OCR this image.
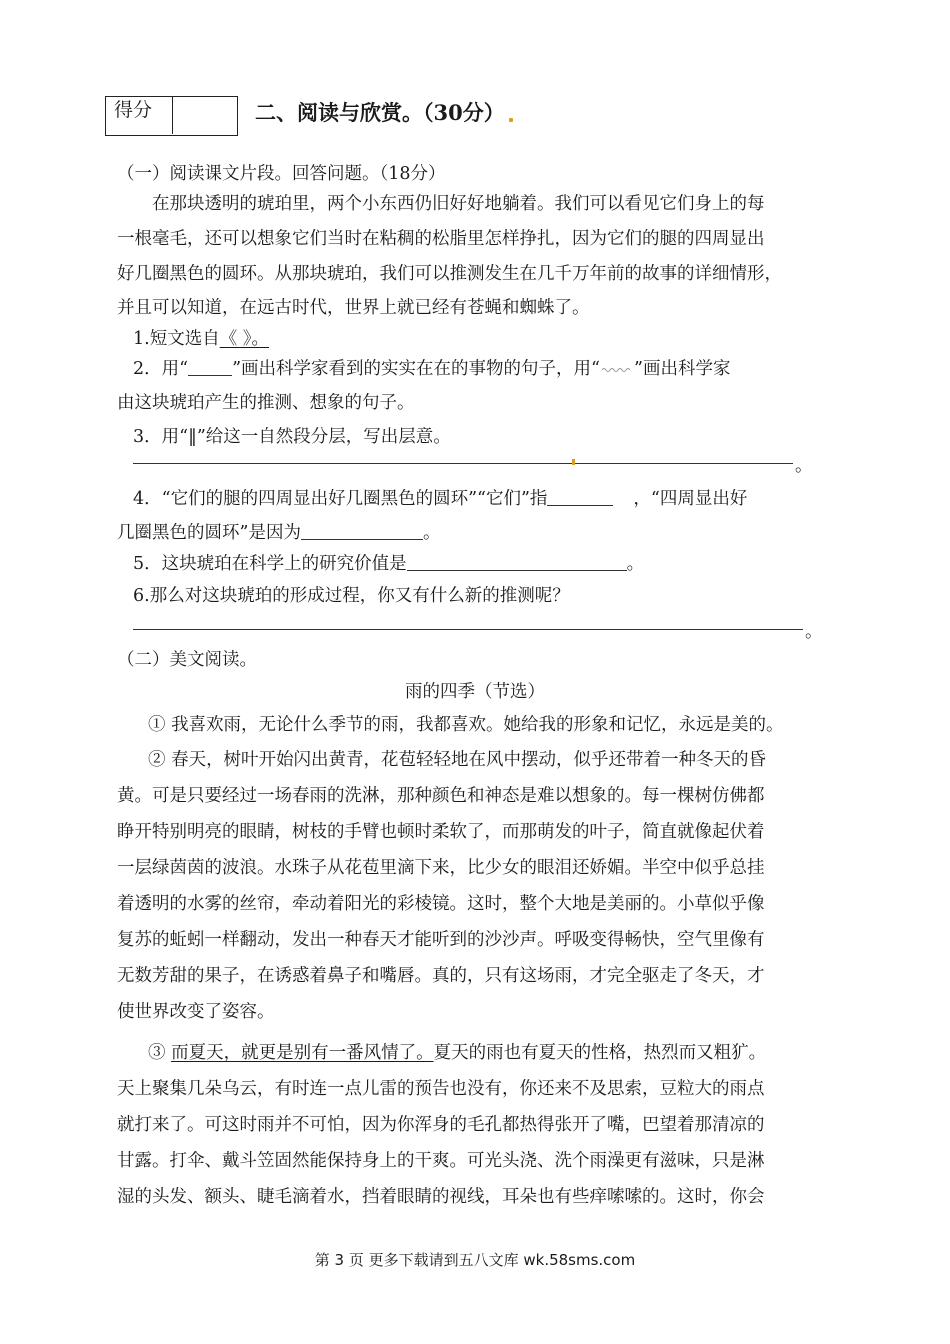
得分	二、阅读与欣赏。（30分）
（一）阅读课文片段。回答问题。（18分）
在那块透明的琥珀里，两个小东西仍旧好好地躺着。我们可以看见它们身上的每
一根毫毛，还可以想象它们当时在粘稠的松脂里怎样挣扎，因为它们的腿的四周显出
好几圈黑色的圆环。从那块琥珀，我们可以推测发生在几千万年前的故事的详细情形，
并且可以知道，在远古时代，世界上就已经有苍蝇和蜘蛛了。
1.短文选自《 》。
2．用“	”画出科学家看到的实实在在的事物的句子，用“ ”画出科学家
由这块琥珀产生的推测、想象的句子。
3．用“‖”给这一自然段分层，写出层意。
。
4．“它们的腿的四周显出好几圈黑色的圆环”“它们”指	，“四周显出好
几圈黑色的圆环”是因为	。
5．这块琥珀在科学上的研究价值是	。
6.那么对这块琥珀的形成过程，你又有什么新的推测呢？
。
（二）美文阅读。
雨的四季（节选）
① 我喜欢雨，无论什么季节的雨，我都喜欢。她给我的形象和记忆，永远是美的。
② 春天，树叶开始闪出黄青，花苞轻轻地在风中摆动，似乎还带着一种冬天的昏
黄。可是只要经过一场春雨的洗淋，那种颜色和神态是难以想象的。每一棵树仿佛都
睁开特别明亮的眼睛，树枝的手臂也顿时柔软了，而那萌发的叶子，简直就像起伏着
一层绿茵茵的波浪。水珠子从花苞里滴下来，比少女的眼泪还娇媚。半空中似乎总挂
着透明的水雾的丝帘，牵动着阳光的彩棱镜。这时，整个大地是美丽的。小草似乎像
复苏的蚯蚓一样翻动，发出一种春天才能听到的沙沙声。呼吸变得畅快，空气里像有
无数芳甜的果子，在诱惑着鼻子和嘴唇。真的，只有这场雨，才完全驱走了冬天，才
使世界改变了姿容。
③ 而夏天，就更是别有一番风情了。夏天的雨也有夏天的性格，热烈而又粗犷。
天上聚集几朵乌云，有时连一点儿雷的预告也没有，你还来不及思索，豆粒大的雨点
就打来了。可这时雨并不可怕，因为你浑身的毛孔都热得张开了嘴，巴望着那清凉的
甘露。打伞、戴斗笠固然能保持身上的干爽。可光头浇、洗个雨澡更有滋味，只是淋
湿的头发、额头、睫毛滴着水，挡着眼睛的视线，耳朵也有些痒嗦嗦的。这时，你会
第 3 页 更多下载请到五八文库 wk.58sms.com
